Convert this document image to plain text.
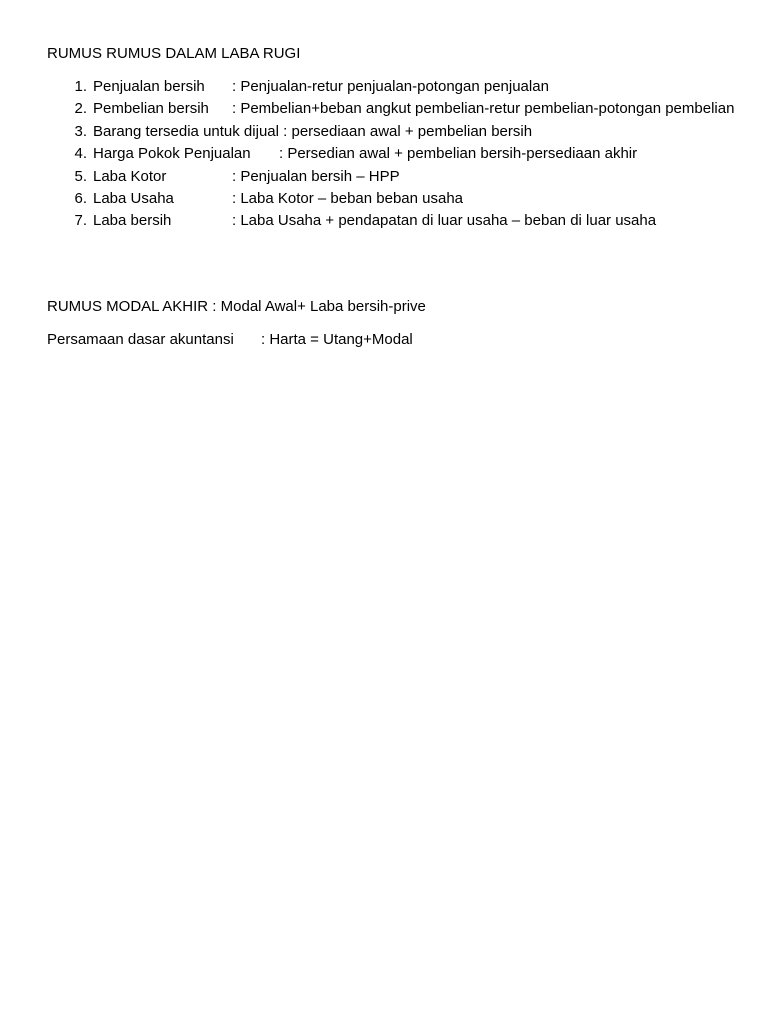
RUMUS RUMUS DALAM LABA RUGI
1. Penjualan bersih : Penjualan-retur penjualan-potongan penjualan
2. Pembelian bersih : Pembelian+beban angkut pembelian-retur pembelian-potongan pembelian
3. Barang tersedia untuk dijual : persediaan awal + pembelian bersih
4. Harga Pokok Penjualan : Persedian awal + pembelian bersih-persediaan akhir
5. Laba Kotor	: Penjualan bersih – HPP
6. Laba Usaha	: Laba Kotor – beban beban usaha
7. Laba bersih	: Laba Usaha + pendapatan di luar usaha – beban di luar usaha
RUMUS MODAL AKHIR : Modal Awal+ Laba bersih-prive
Persamaan dasar akuntansi : Harta = Utang+Modal
